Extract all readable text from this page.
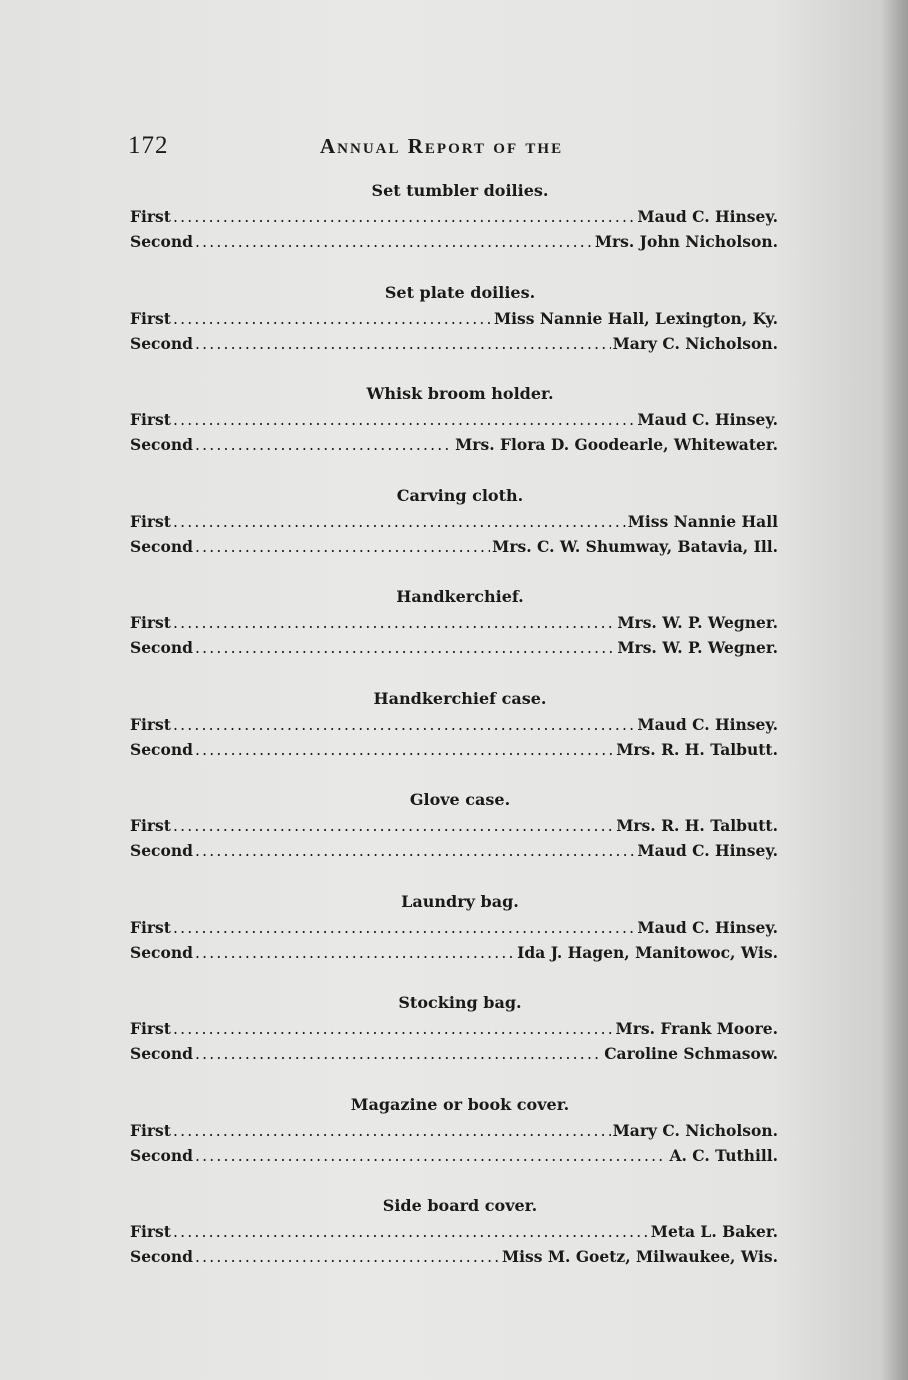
172	Annual Report of the
Set tumbler doilies.
First .....	Maud C. Hinsey.
Second .....	Mrs. John Nicholson.
Set plate doilies.
First .....	Miss Nannie Hall, Lexington, Ky.
Second .....	Mary C. Nicholson.
Whisk broom holder.
First .....	Maud C. Hinsey.
Second .....	Mrs. Flora D. Goodearle, Whitewater.
Carving cloth.
First .....	Miss Nannie Hall
Second .....	Mrs. C. W. Shumway, Batavia, Ill.
Handkerchief.
First .....	Mrs. W. P. Wegner.
Second .....	Mrs. W. P. Wegner.
Handkerchief case.
First .....	Maud C. Hinsey.
Second .....	Mrs. R. H. Talbutt.
Glove case.
First .....	Mrs. R. H. Talbutt.
Second .....	Maud C. Hinsey.
Laundry bag.
First .....	Maud C. Hinsey.
Second .....	Ida J. Hagen, Manitowoc, Wis.
Stocking bag.
First .....	Mrs. Frank Moore.
Second .....	Caroline Schmasow.
Magazine or book cover.
First .....	Mary C. Nicholson.
Second .....	A. C. Tuthill.
Side board cover.
First .....	Meta L. Baker.
Second .....	Miss M. Goetz, Milwaukee, Wis.
